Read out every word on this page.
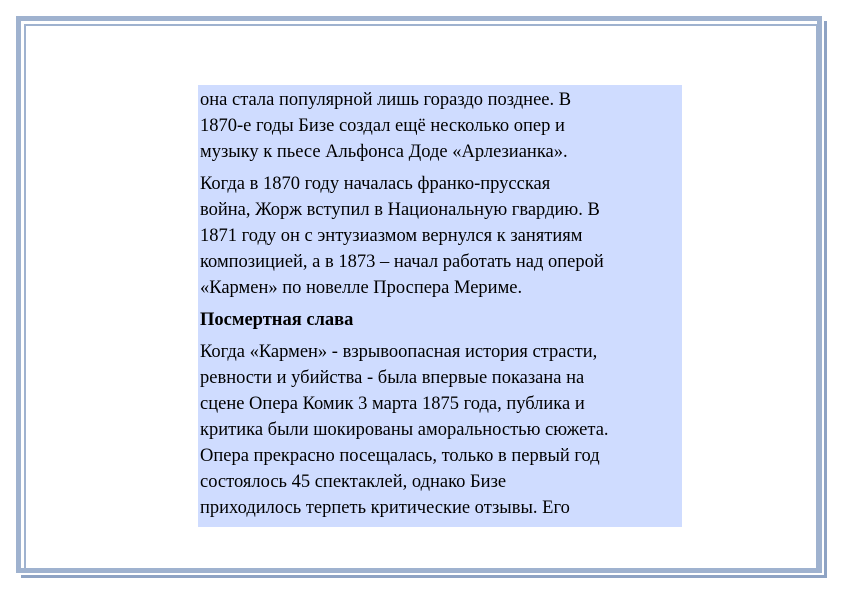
она стала популярной лишь гораздо позднее. В
1870-е годы Бизе создал ещё несколько опер и
музыку к пьесе Альфонса Доде «Арлезианка».

Когда в 1870 году началась франко-прусская
война, Жорж вступил в Национальную гвардию. В
1871 году он с энтузиазмом вернулся к занятиям
композицией, а в 1873 – начал работать над оперой
«Кармен» по новелле Проспера Мериме.

Посмертная слава

Когда «Кармен» - взрывоопасная история страсти,
ревности и убийства - была впервые показана на
сцене Опера Комик 3 марта 1875 года, публика и
критика были шокированы аморальностью сюжета.
Опера прекрасно посещалась, только в первый год
состоялось 45 спектаклей, однако Бизе
приходилось терпеть критические отзывы. Его
